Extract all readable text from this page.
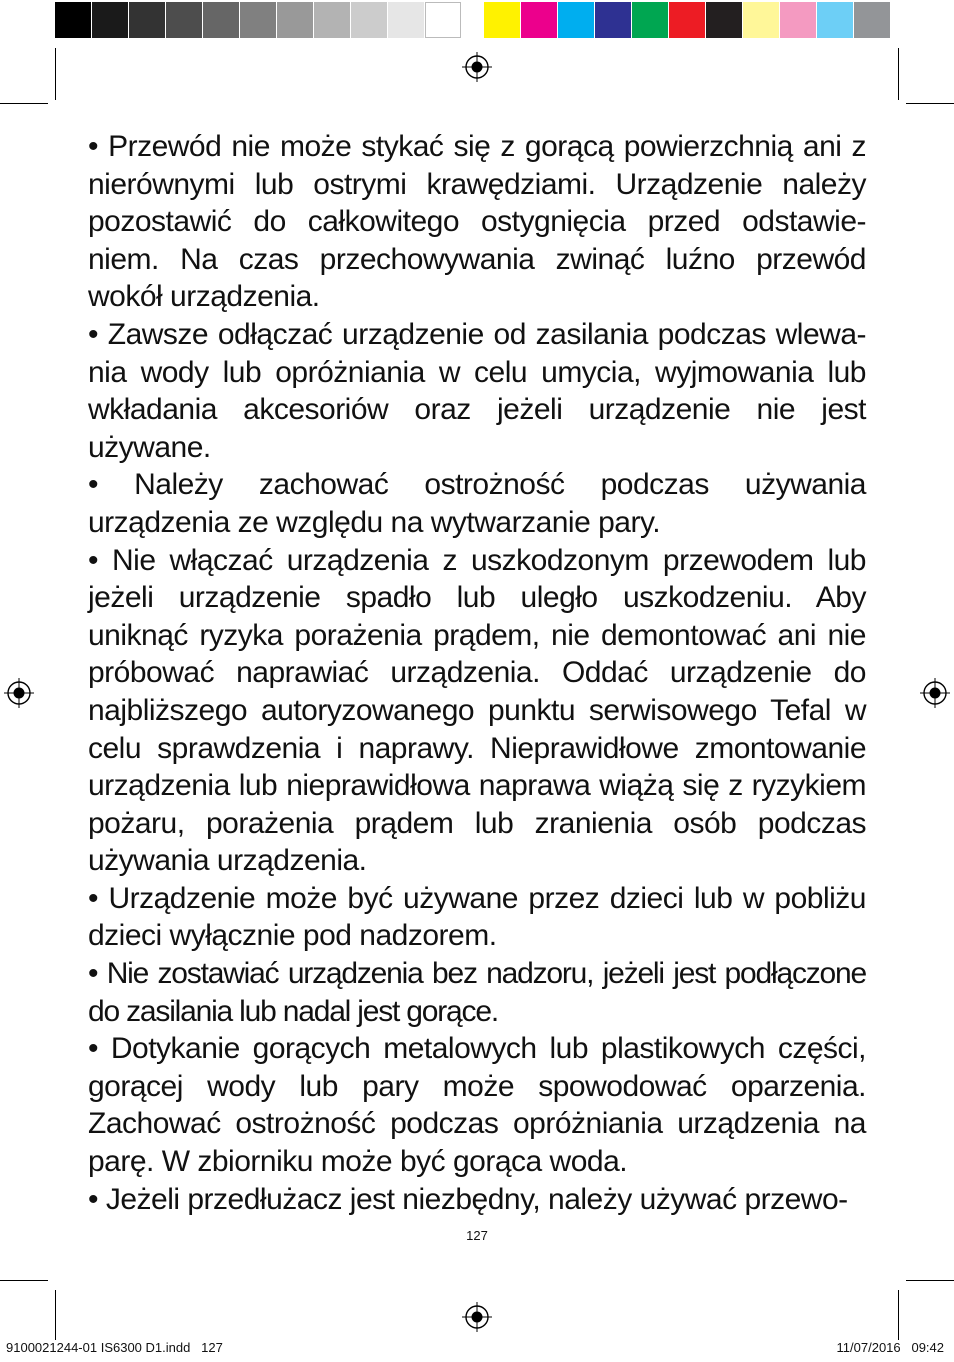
• Przewód nie może stykać się z gorącą powierzchnią ani z nierównymi lub ostrymi krawędziami. Urządzenie należy pozostawić do całkowitego ostygnięcia przed odstawie-niem. Na czas przechowywania zwinąć luźno przewód wokół urządzenia.

• Zawsze odłączać urządzenie od zasilania podczas wlewa-nia wody lub opróżniania w celu umycia, wyjmowania lub wkładania akcesoriów oraz jeżeli urządzenie nie jest używane.

• Należy zachować ostrożność podczas używania urządzenia ze względu na wytwarzanie pary.

• Nie włączać urządzenia z uszkodzonym przewodem lub jeżeli urządzenie spadło lub uległo uszkodzeniu. Aby uniknąć ryzyka porażenia prądem, nie demontować ani nie próbować naprawiać urządzenia. Oddać urządzenie do najbliższego autoryzowanego punktu serwisowego Tefal w celu sprawdzenia i naprawy. Nieprawidłowe zmontowanie urządzenia lub nieprawidłowa naprawa wiążą się z ryzykiem pożaru, porażenia prądem lub zranienia osób podczas używania urządzenia.

• Urządzenie może być używane przez dzieci lub w pobliżu dzieci wyłącznie pod nadzorem.

• Nie zostawiać urządzenia bez nadzoru, jeżeli jest podłączone do zasilania lub nadal jest gorące.

• Dotykanie gorących metalowych lub plastikowych części, gorącej wody lub pary może spowodować oparzenia. Zachować ostrożność podczas opróżniania urządzenia na parę. W zbiorniku może być gorąca woda.

• Jeżeli przedłużacz jest niezbędny, należy używać przewo-

127
9100021244-01 IS6300 D1.indd   127	11/07/2016   09:42
